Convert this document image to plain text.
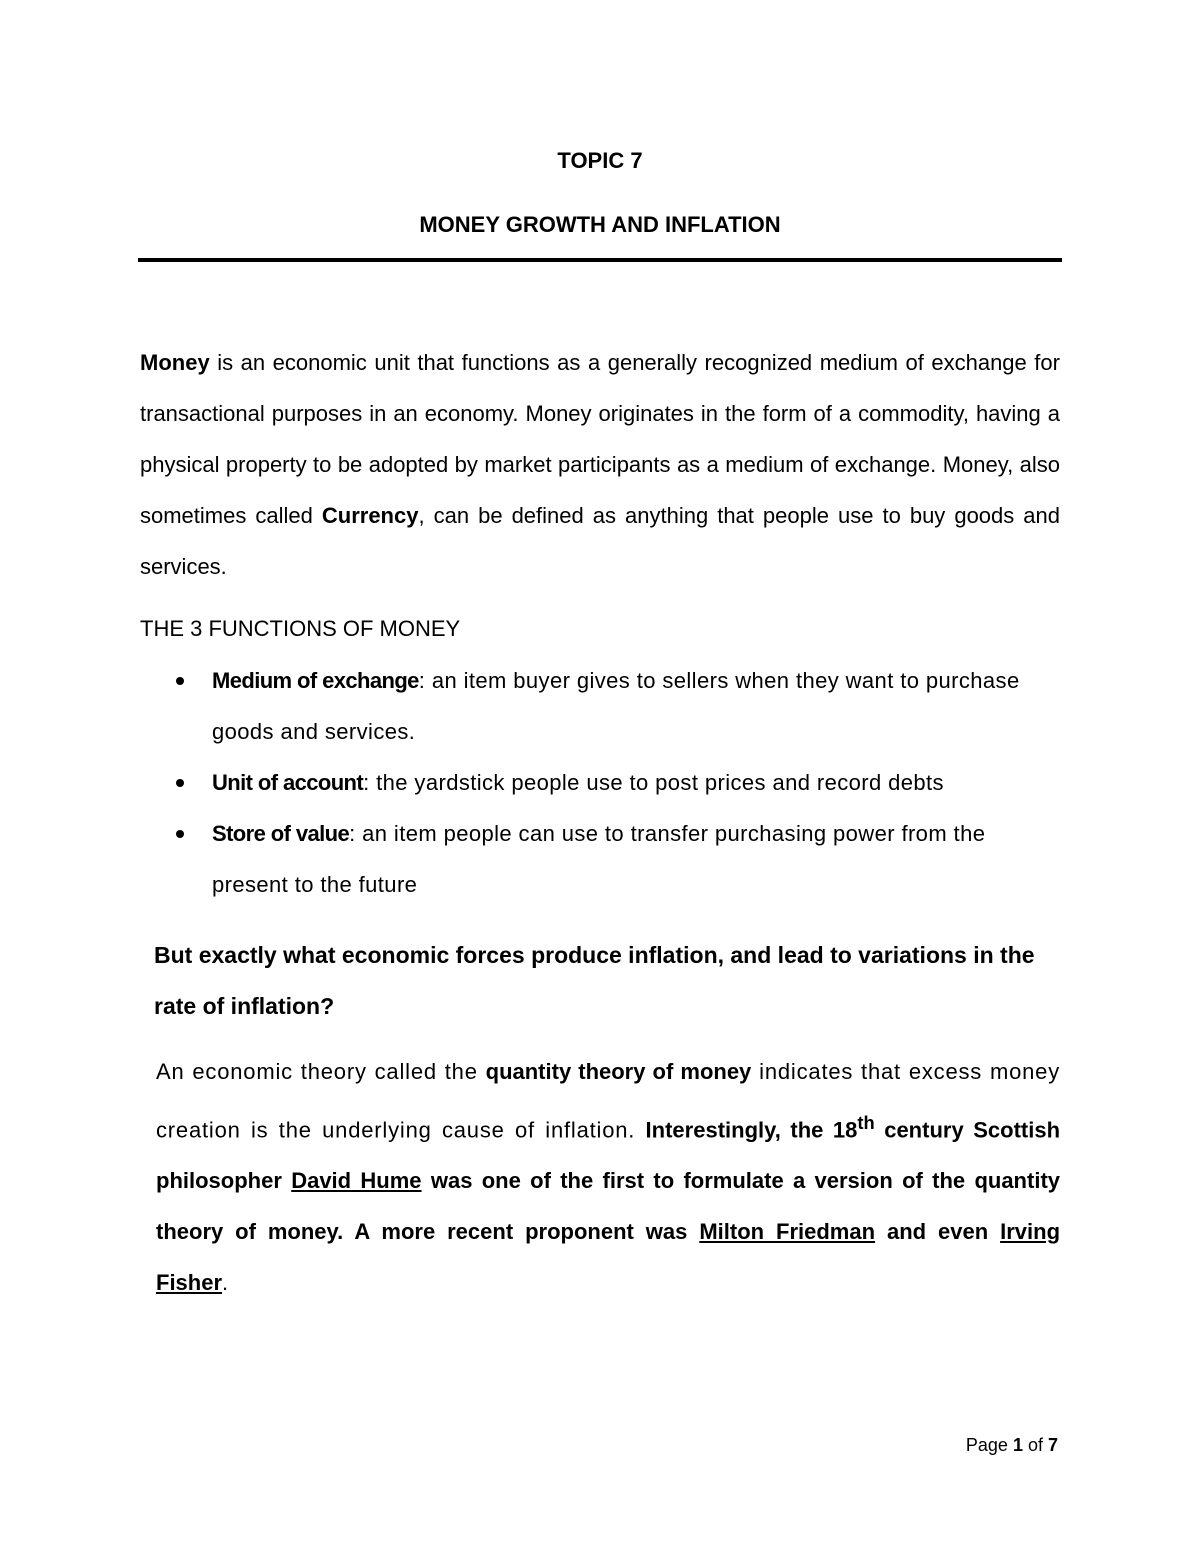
TOPIC 7
MONEY GROWTH AND INFLATION

Money is an economic unit that functions as a generally recognized medium of exchange for transactional purposes in an economy. Money originates in the form of a commodity, having a physical property to be adopted by market participants as a medium of exchange. Money, also sometimes called Currency, can be defined as anything that people use to buy goods and services.

THE 3 FUNCTIONS OF MONEY

Medium of exchange: an item buyer gives to sellers when they want to purchase goods and services.
Unit of account: the yardstick people use to post prices and record debts
Store of value: an item people can use to transfer purchasing power from the present to the future

But exactly what economic forces produce inflation, and lead to variations in the rate of inflation?

An economic theory called the quantity theory of money indicates that excess money creation is the underlying cause of inflation. Interestingly, the 18th century Scottish philosopher David Hume was one of the first to formulate a version of the quantity theory of money. A more recent proponent was Milton Friedman and even Irving Fisher.

Page 1 of 7
